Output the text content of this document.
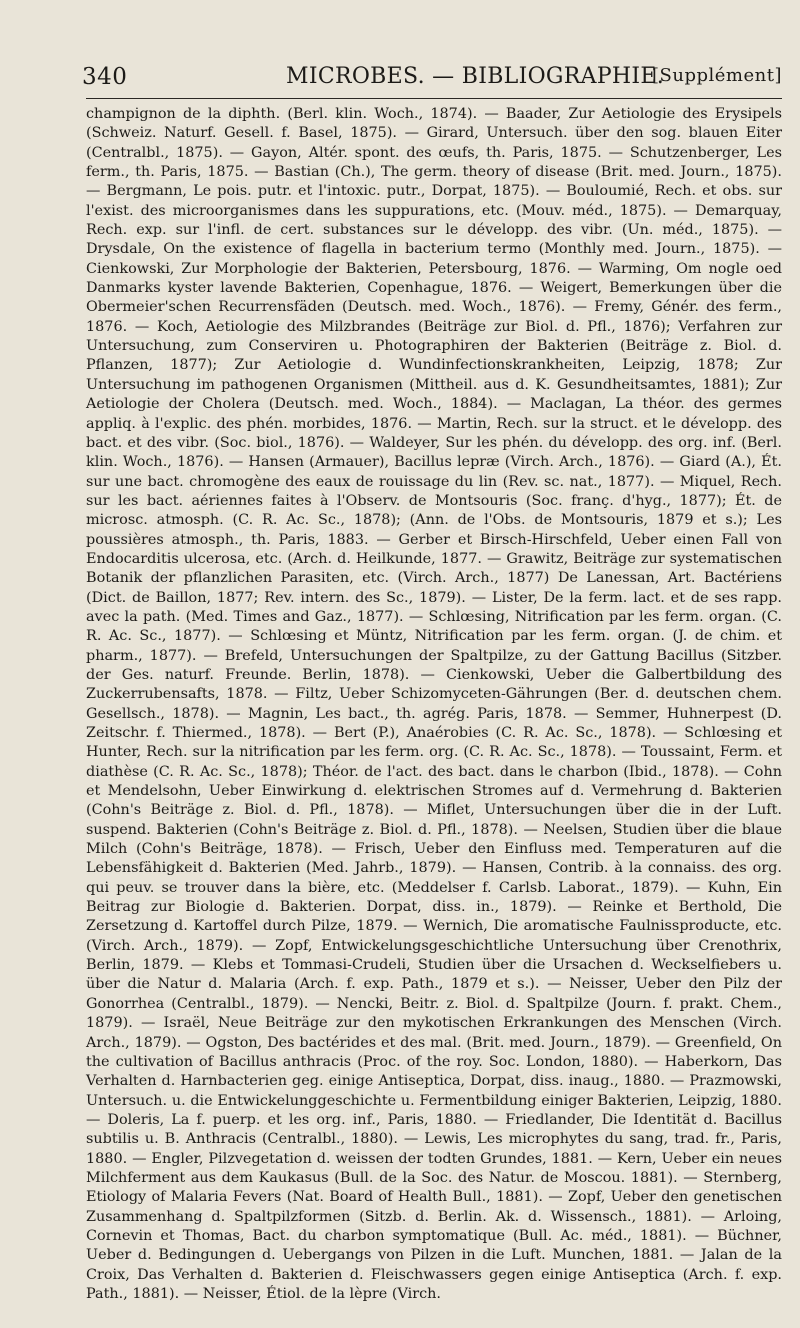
340	MICROBES. — BIBLIOGRAPHIE.
[Supplément]
champignon de la diphth. (Berl. klin. Woch., 1874). — Baader, Zur Aetiologie des Erysipels (Schweiz. Naturf. Gesell. f. Basel, 1875). — Girard, Untersuch. über den sog. blauen Eiter (Centralbl., 1875). — Gayon, Altér. spont. des œufs, th. Paris, 1875. — Schutzenberger, Les ferm., th. Paris, 1875. — Bastian (Ch.), The germ. theory of disease (Brit. med. Journ., 1875). — Bergmann, Le pois. putr. et l'intoxic. putr., Dorpat, 1875). — Bouloumié, Rech. et obs. sur l'exist. des microorganismes dans les suppurations, etc. (Mouv. méd., 1875). — Demarquay, Rech. exp. sur l'infl. de cert. substances sur le développ. des vibr. (Un. méd., 1875). — Drysdale, On the existence of flagella in bacterium termo (Monthly med. Journ., 1875). — Cienkowski, Zur Morphologie der Bakterien, Petersbourg, 1876. — Warming, Om nogle oed Danmarks kyster lavende Bakterien, Copenhague, 1876. — Weigert, Bemerkungen über die Obermeier'schen Recurrensfäden (Deutsch. med. Woch., 1876). — Fremy, Génér. des ferm., 1876. — Koch, Aetiologie des Milzbrandes (Beiträge zur Biol. d. Pfl., 1876); Verfahren zur Untersuchung, zum Conserviren u. Photographiren der Bakterien (Beiträge z. Biol. d. Pflanzen, 1877); Zur Aetiologie d. Wundinfectionskrankheiten, Leipzig, 1878; Zur Untersuchung im pathogenen Organismen (Mittheil. aus d. K. Gesundheitsamtes, 1881); Zur Aetiologie der Cholera (Deutsch. med. Woch., 1884). — Maclagan, La théor. des germes appliq. à l'explic. des phén. morbides, 1876. — Martin, Rech. sur la struct. et le développ. des bact. et des vibr. (Soc. biol., 1876). — Waldeyer, Sur les phén. du développ. des org. inf. (Berl. klin. Woch., 1876). — Hansen (Armauer), Bacillus lepræ (Virch. Arch., 1876). — Giard (A.), Ét. sur une bact. chromogène des eaux de rouissage du lin (Rev. sc. nat., 1877). — Miquel, Rech. sur les bact. aériennes faites à l'Observ. de Montsouris (Soc. franç. d'hyg., 1877); Ét. de microsc. atmosph. (C. R. Ac. Sc., 1878); (Ann. de l'Obs. de Montsouris, 1879 et s.); Les poussières atmosph., th. Paris, 1883. — Gerber et Birsch-Hirschfeld, Ueber einen Fall von Endocarditis ulcerosa, etc. (Arch. d. Heilkunde, 1877. — Grawitz, Beiträge zur systematischen Botanik der pflanzlichen Parasiten, etc. (Virch. Arch., 1877) De Lanessan, Art. Bactériens (Dict. de Baillon, 1877; Rev. intern. des Sc., 1879). — Lister, De la ferm. lact. et de ses rapp. avec la path. (Med. Times and Gaz., 1877). — Schlœsing, Nitrification par les ferm. organ. (C. R. Ac. Sc., 1877). — Schlœsing et Müntz, Nitrification par les ferm. organ. (J. de chim. et pharm., 1877). — Brefeld, Untersuchungen der Spaltpilze, zu der Gattung Bacillus (Sitzber. der Ges. naturf. Freunde. Berlin, 1878). — Cienkowski, Ueber die Galbertbildung des Zuckerrubensafts, 1878. — Filtz, Ueber Schizomyceten-Gährungen (Ber. d. deutschen chem. Gesellsch., 1878). — Magnin, Les bact., th. agrég. Paris, 1878. — Semmer, Huhnerpest (D. Zeitschr. f. Thiermed., 1878). — Bert (P.), Anaérobies (C. R. Ac. Sc., 1878). — Schlœsing et Hunter, Rech. sur la nitrification par les ferm. org. (C. R. Ac. Sc., 1878). — Toussaint, Ferm. et diathèse (C. R. Ac. Sc., 1878); Théor. de l'act. des bact. dans le charbon (Ibid., 1878). — Cohn et Mendelsohn, Ueber Einwirkung d. elektrischen Stromes auf d. Vermehrung d. Bakterien (Cohn's Beiträge z. Biol. d. Pfl., 1878). — Miflet, Untersuchungen über die in der Luft. suspend. Bakterien (Cohn's Beiträge z. Biol. d. Pfl., 1878). — Neelsen, Studien über die blaue Milch (Cohn's Beiträge, 1878). — Frisch, Ueber den Einfluss med. Temperaturen auf die Lebensfähigkeit d. Bakterien (Med. Jahrb., 1879). — Hansen, Contrib. à la connaiss. des org. qui peuv. se trouver dans la bière, etc. (Meddelser f. Carlsb. Laborat., 1879). — Kuhn, Ein Beitrag zur Biologie d. Bakterien. Dorpat, diss. in., 1879). — Reinke et Berthold, Die Zersetzung d. Kartoffel durch Pilze, 1879. — Wernich, Die aromatische Faulnissproducte, etc. (Virch. Arch., 1879). — Zopf, Entwickelungsgeschichtliche Untersuchung über Crenothrix, Berlin, 1879. — Klebs et Tommasi-Crudeli, Studien über die Ursachen d. Weckselfiebers u. über die Natur d. Malaria (Arch. f. exp. Path., 1879 et s.). — Neisser, Ueber den Pilz der Gonorrhea (Centralbl., 1879). — Nencki, Beitr. z. Biol. d. Spaltpilze (Journ. f. prakt. Chem., 1879). — Israël, Neue Beiträge zur den mykotischen Erkrankungen des Menschen (Virch. Arch., 1879). — Ogston, Des bactérides et des mal. (Brit. med. Journ., 1879). — Greenfield, On the cultivation of Bacillus anthracis (Proc. of the roy. Soc. London, 1880). — Haberkorn, Das Verhalten d. Harnbacterien geg. einige Antiseptica, Dorpat, diss. inaug., 1880. — Prazmowski, Untersuch. u. die Entwickelunggeschichte u. Fermentbildung einiger Bakterien, Leipzig, 1880. — Doleris, La f. puerp. et les org. inf., Paris, 1880. — Friedlander, Die Identität d. Bacillus subtilis u. B. Anthracis (Centralbl., 1880). — Lewis, Les microphytes du sang, trad. fr., Paris, 1880. — Engler, Pilzvegetation d. weissen der todten Grundes, 1881. — Kern, Ueber ein neues Milchferment aus dem Kaukasus (Bull. de la Soc. des Natur. de Moscou. 1881). — Sternberg, Etiology of Malaria Fevers (Nat. Board of Health Bull., 1881). — Zopf, Ueber den genetischen Zusammenhang d. Spaltpilzformen (Sitzb. d. Berlin. Ak. d. Wissensch., 1881). — Arloing, Cornevin et Thomas, Bact. du charbon symptomatique (Bull. Ac. méd., 1881). — Büchner, Ueber d. Bedingungen d. Uebergangs von Pilzen in die Luft. Munchen, 1881. — Jalan de la Croix, Das Verhalten d. Bakterien d. Fleischwassers gegen einige Antiseptica (Arch. f. exp. Path., 1881). — Neisser, Étiol. de la lèpre (Virch.
